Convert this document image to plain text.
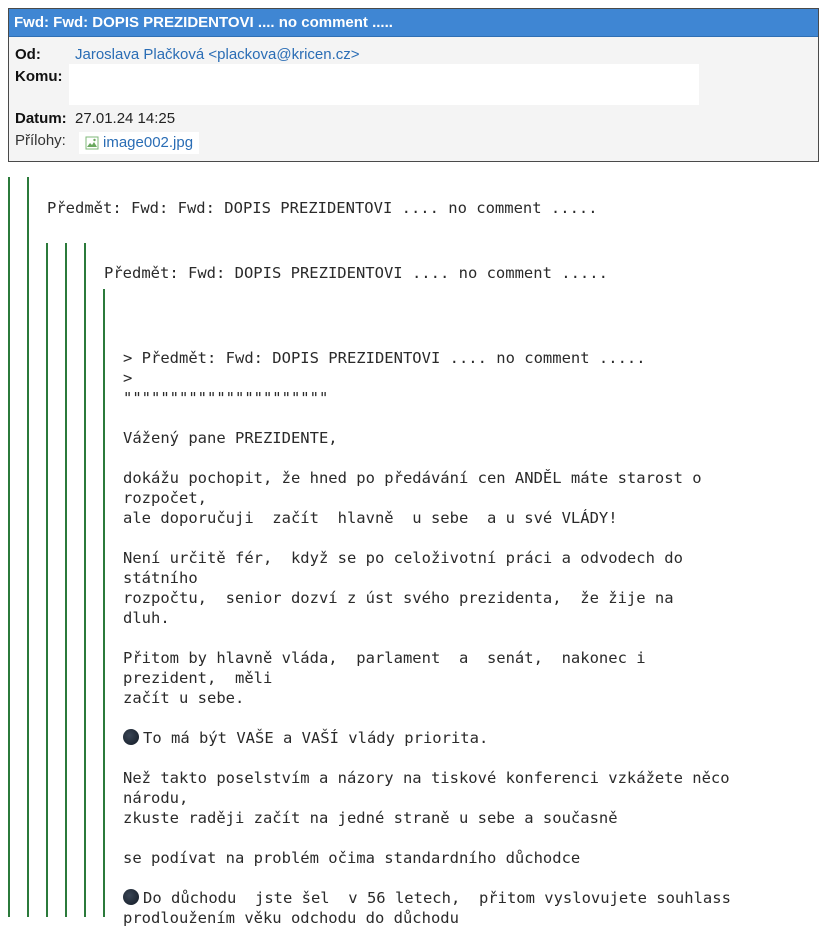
Fwd: Fwd: DOPIS PREZIDENTOVI .... no comment .....
Od: Jaroslava Plačková <plackova@kricen.cz>
Komu:
Datum: 27.01.24 14:25
Přílohy: image002.jpg
Předmět: Fwd: Fwd: DOPIS PREZIDENTOVI .... no comment .....
Předmět: Fwd: DOPIS PREZIDENTOVI .... no comment .....

> Předmět: Fwd: DOPIS PREZIDENTOVI .... no comment .....
>
""""""""""""""""""""""
Vážený pane PREZIDENTE,
dokážu pochopit, že hned po předávání cen ANDĚL máte starost o
rozpočet,
ale doporučuji  začít  hlavně  u sebe  a u své VLÁDY!
Není určitě fér,  když se po celoživotní práci a odvodech do
státního
rozpočtu,  senior dozví z úst svého prezidenta,  že žije na
dluh.
Přitom by hlavně vláda,  parlament  a  senát,  nakonec i
prezident,  měli
začít u sebe.
To má být VAŠE a VAŠÍ vlády priorita.
Než takto poselstvím a názory na tiskové konferenci vzkážete něco
národu,
zkuste raději začít na jedné straně u sebe a současně
se podívat na problém očima standardního důchodce
Do důchodu  jste šel  v 56 letech,  přitom vyslovujete souhlass
prodloužením věku odchodu do důchodu
